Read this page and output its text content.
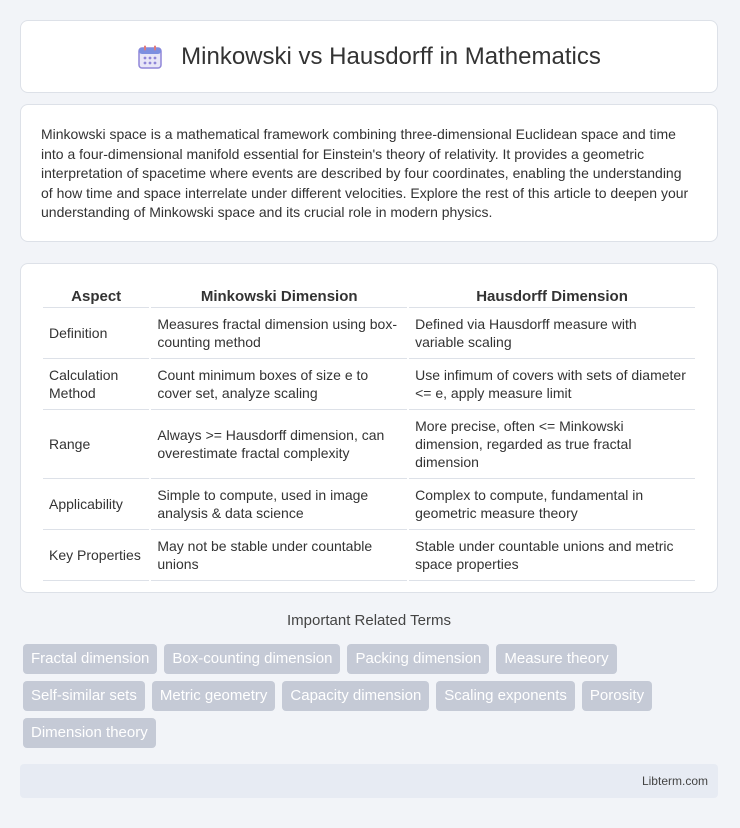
Minkowski vs Hausdorff in Mathematics

Minkowski space is a mathematical framework combining three-dimensional Euclidean space and time into a four-dimensional manifold essential for Einstein's theory of relativity. It provides a geometric interpretation of spacetime where events are described by four coordinates, enabling the understanding of how time and space interrelate under different velocities. Explore the rest of this article to deepen your understanding of Minkowski space and its crucial role in modern physics.

Aspect	Minkowski Dimension	Hausdorff Dimension
Definition	Measures fractal dimension using box-counting method	Defined via Hausdorff measure with variable scaling
Calculation Method	Count minimum boxes of size e to cover set, analyze scaling	Use infimum of covers with sets of diameter <= e, apply measure limit
Range	Always >= Hausdorff dimension, can overestimate fractal complexity	More precise, often <= Minkowski dimension, regarded as true fractal dimension
Applicability	Simple to compute, used in image analysis & data science	Complex to compute, fundamental in geometric measure theory
Key Properties	May not be stable under countable unions	Stable under countable unions and metric space properties
Important Related Terms
Fractal dimension	Box-counting dimension	Packing dimension	Measure theory
Self-similar sets	Metric geometry	Capacity dimension	Scaling exponents	Porosity
Dimension theory
Libterm.com
